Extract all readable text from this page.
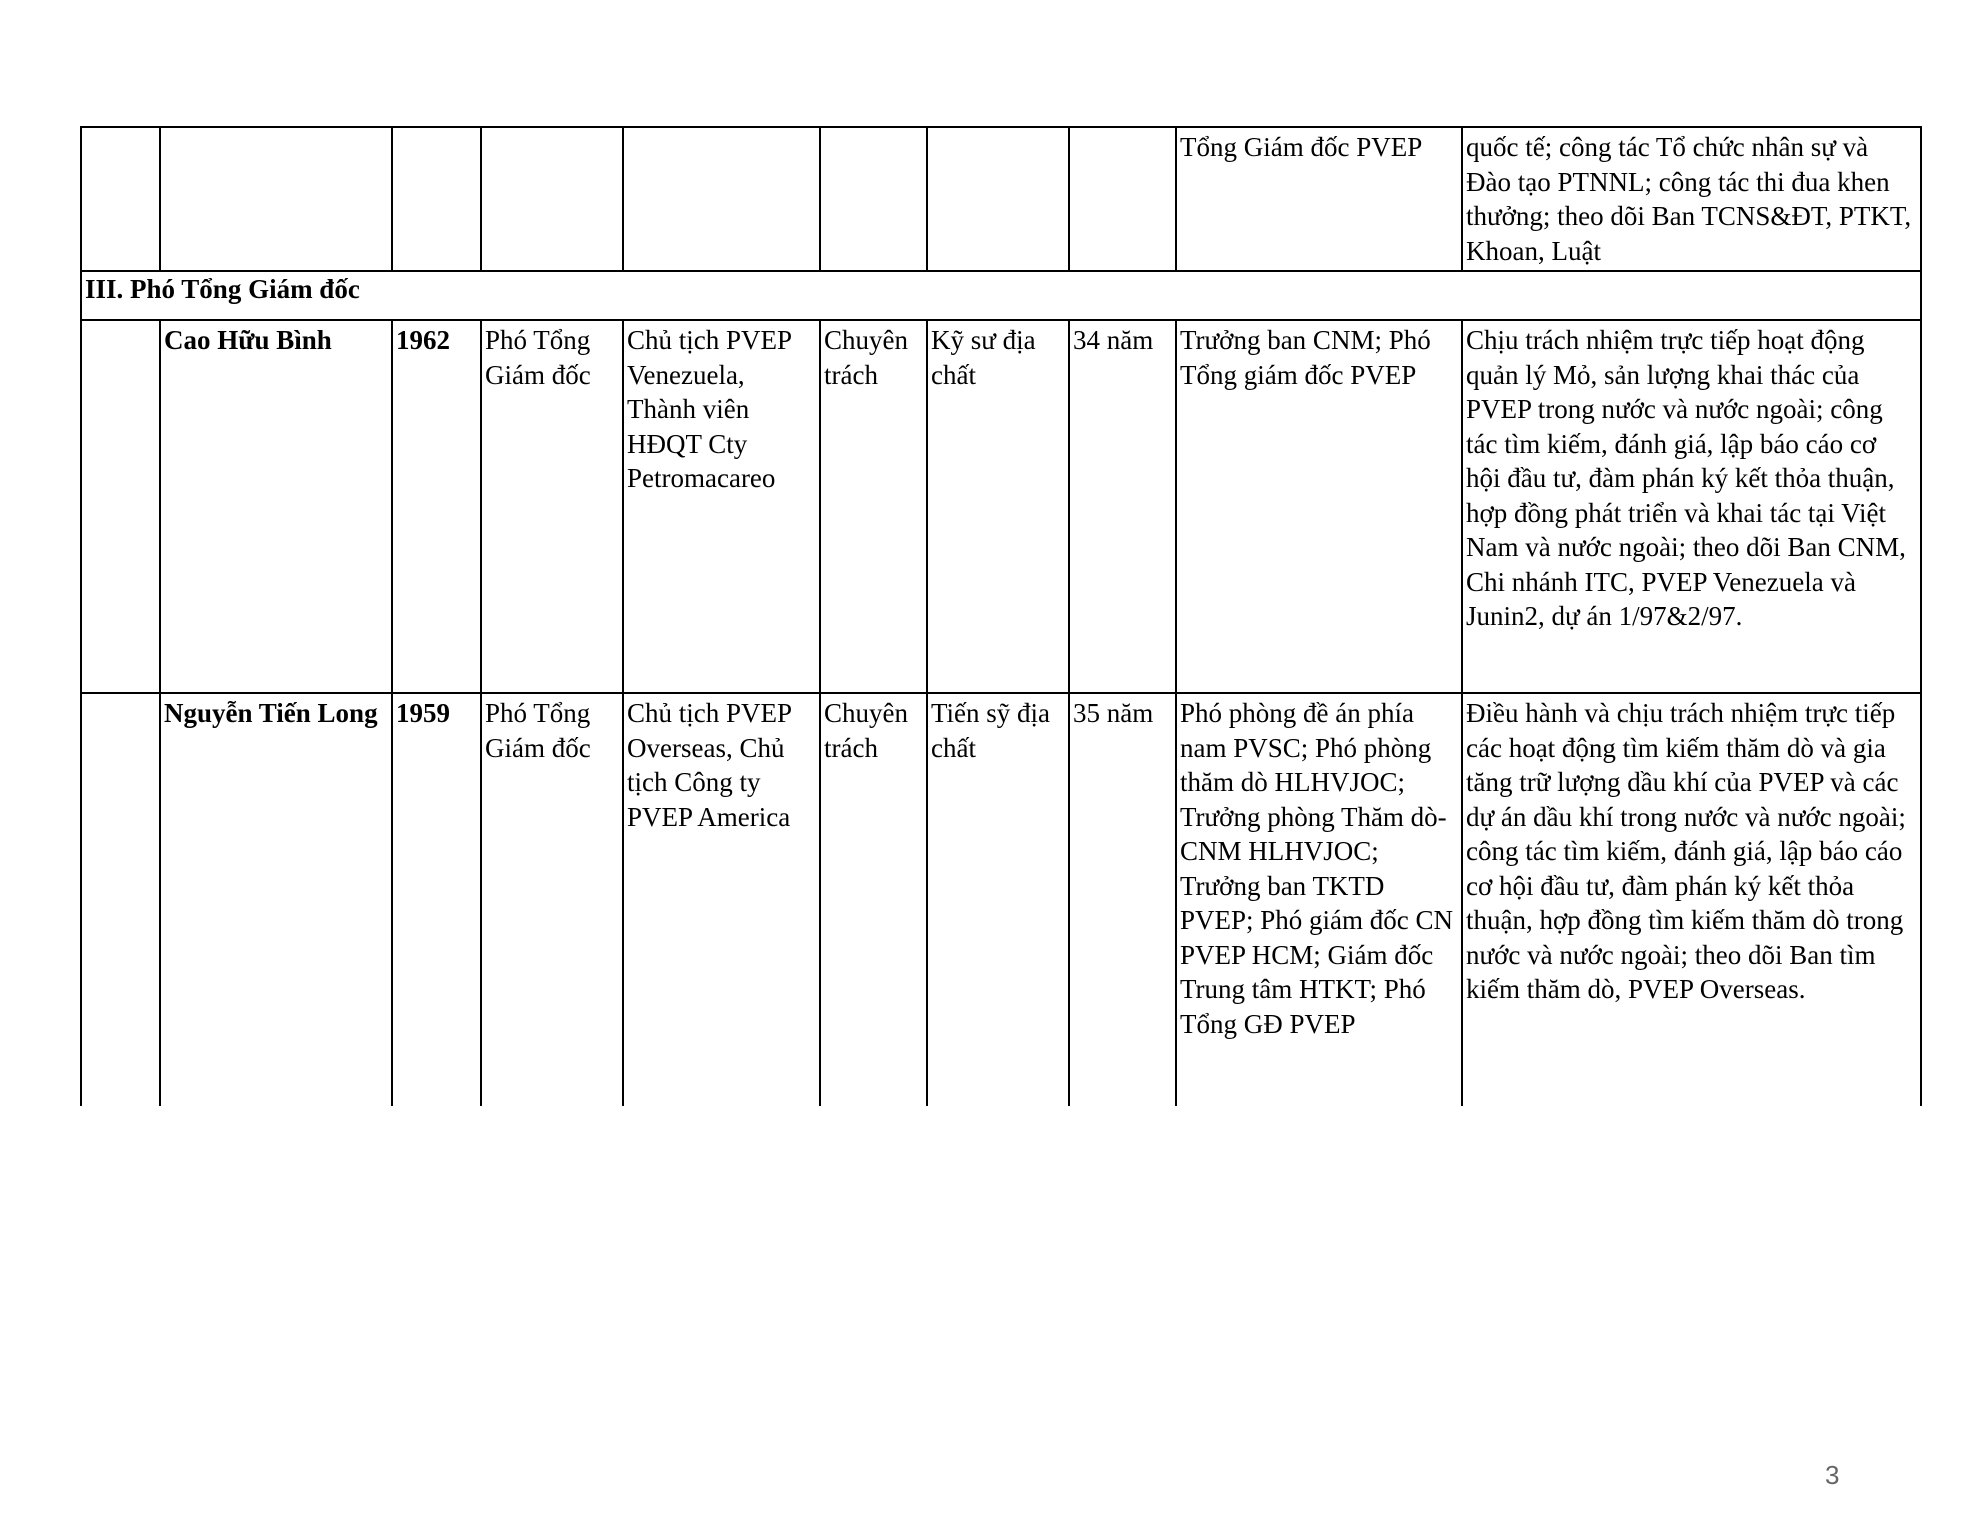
								Tổng Giám đốc PVEP	quốc tế; công tác Tổ chức nhân sự và Đào tạo PTNNL; công tác thi đua khen thưởng; theo dõi Ban TCNS&ĐT, PTKT, Khoan, Luật
III. Phó Tổng Giám đốc									
	Cao Hữu Bình	1962	Phó Tổng Giám đốc	Chủ tịch PVEP Venezuela, Thành viên HĐQT Cty Petromacareo	Chuyên trách	Kỹ sư địa chất	34 năm	Trưởng ban CNM; Phó Tổng giám đốc PVEP	Chịu trách nhiệm trực tiếp hoạt động quản lý Mỏ, sản lượng khai thác của PVEP trong nước và nước ngoài; công tác tìm kiếm, đánh giá, lập báo cáo cơ hội đầu tư, đàm phán ký kết thỏa thuận, hợp đồng phát triển và khai tác tại Việt Nam và nước ngoài; theo dõi Ban CNM, Chi nhánh ITC, PVEP Venezuela và Junin2, dự án 1/97&2/97.
	Nguyễn Tiến Long	1959	Phó Tổng Giám đốc	Chủ tịch PVEP Overseas, Chủ tịch Công ty PVEP America	Chuyên trách	Tiến sỹ địa chất	35 năm	Phó phòng đề án phía nam PVSC; Phó phòng thăm dò HLHVJOC; Trưởng phòng Thăm dò-CNM HLHVJOC; Trưởng ban TKTD PVEP; Phó giám đốc CN PVEP HCM; Giám đốc Trung tâm HTKT; Phó Tổng GĐ PVEP	Điều hành và chịu trách nhiệm trực tiếp các hoạt động tìm kiếm thăm dò và gia tăng trữ lượng dầu khí của PVEP và các dự án dầu khí trong nước và nước ngoài; công tác tìm kiếm, đánh giá, lập báo cáo cơ hội đầu tư, đàm phán ký kết thỏa thuận, hợp đồng tìm kiếm thăm dò trong nước và nước ngoài; theo dõi Ban tìm kiếm thăm dò, PVEP Overseas.
3
